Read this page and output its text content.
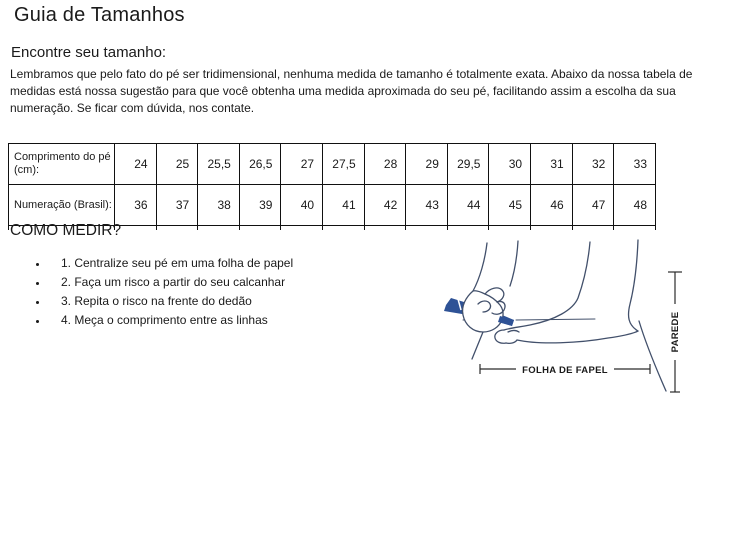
Guia de Tamanhos
Encontre seu tamanho:
Lembramos que pelo fato do pé ser tridimensional, nenhuma medida de tamanho é totalmente exata. Abaixo da nossa tabela de medidas está nossa sugestão para que você obtenha uma medida aproximada do seu pé, facilitando assim a escolha da sua numeração. Se ficar com dúvida, nos contate.
Comprimento do pé (cm):	24	25	25,5	26,5	27	27,5	28	29	29,5	30	31	32	33
Numeração (Brasil):	36	37	38	39	40	41	42	43	44	45	46	47	48

COMO MEDIR?
• 1. Centralize seu pé em uma folha de papel
• 2. Faça um risco a partir do seu calcanhar
• 3. Repita o risco na frente do dedão
• 4. Meça o comprimento entre as linhas
FOLHA DE FAPEL
PAREDE
